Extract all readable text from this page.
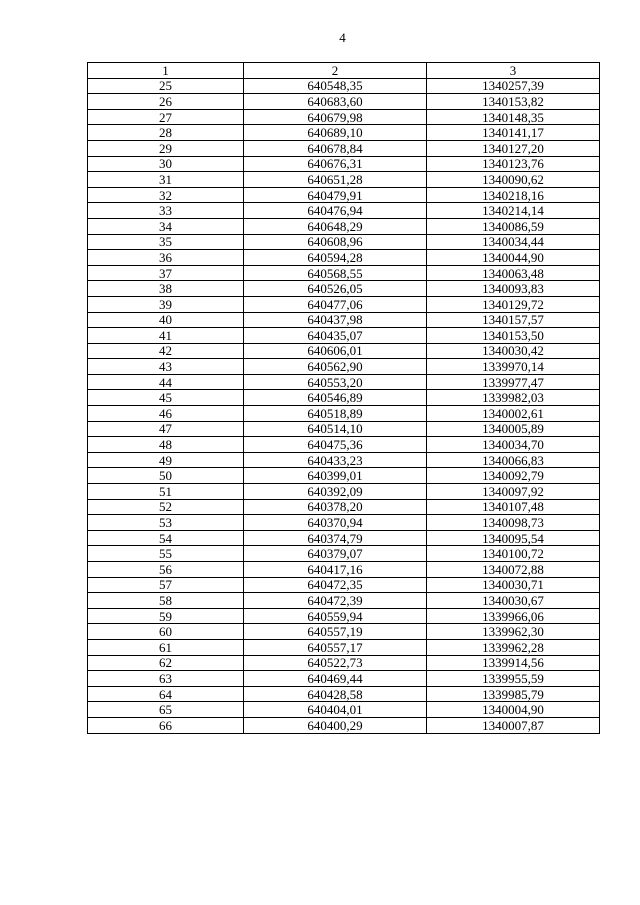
4
1	2	3
25	640548,35	1340257,39
26	640683,60	1340153,82
27	640679,98	1340148,35
28	640689,10	1340141,17
29	640678,84	1340127,20
30	640676,31	1340123,76
31	640651,28	1340090,62
32	640479,91	1340218,16
33	640476,94	1340214,14
34	640648,29	1340086,59
35	640608,96	1340034,44
36	640594,28	1340044,90
37	640568,55	1340063,48
38	640526,05	1340093,83
39	640477,06	1340129,72
40	640437,98	1340157,57
41	640435,07	1340153,50
42	640606,01	1340030,42
43	640562,90	1339970,14
44	640553,20	1339977,47
45	640546,89	1339982,03
46	640518,89	1340002,61
47	640514,10	1340005,89
48	640475,36	1340034,70
49	640433,23	1340066,83
50	640399,01	1340092,79
51	640392,09	1340097,92
52	640378,20	1340107,48
53	640370,94	1340098,73
54	640374,79	1340095,54
55	640379,07	1340100,72
56	640417,16	1340072,88
57	640472,35	1340030,71
58	640472,39	1340030,67
59	640559,94	1339966,06
60	640557,19	1339962,30
61	640557,17	1339962,28
62	640522,73	1339914,56
63	640469,44	1339955,59
64	640428,58	1339985,79
65	640404,01	1340004,90
66	640400,29	1340007,87
